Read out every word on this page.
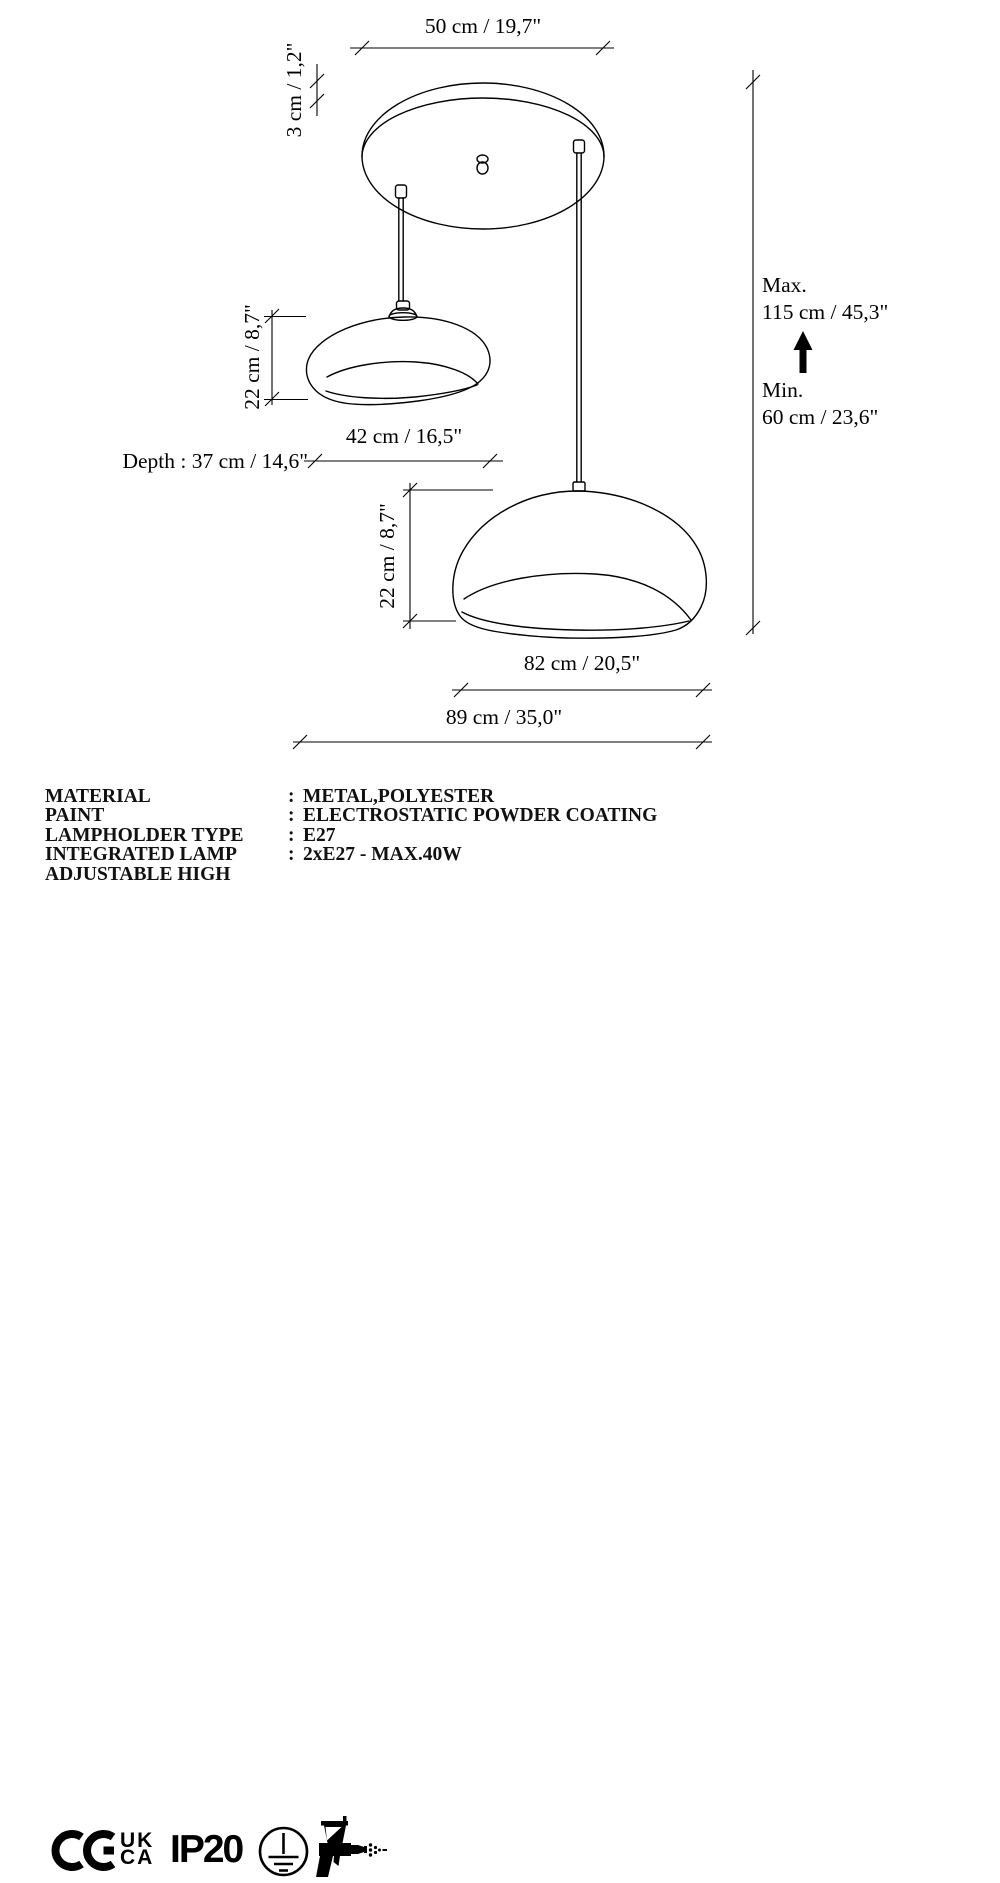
50 cm / 19,7"
3 cm / 1,2"
22 cm / 8,7"
42 cm / 16,5"
Depth : 37 cm / 14,6"
Max.
115 cm / 45,3"
Min.
60 cm / 23,6"
22 cm / 8,7"
82 cm / 20,5"
89 cm / 35,0"
MATERIAL	: METAL,POLYESTER
PAINT	: ELECTROSTATIC POWDER COATING
LAMPHOLDER TYPE	: E27
INTEGRATED LAMP	: 2xE27 - MAX.40W
ADJUSTABLE HIGH
UK
CA IP20
